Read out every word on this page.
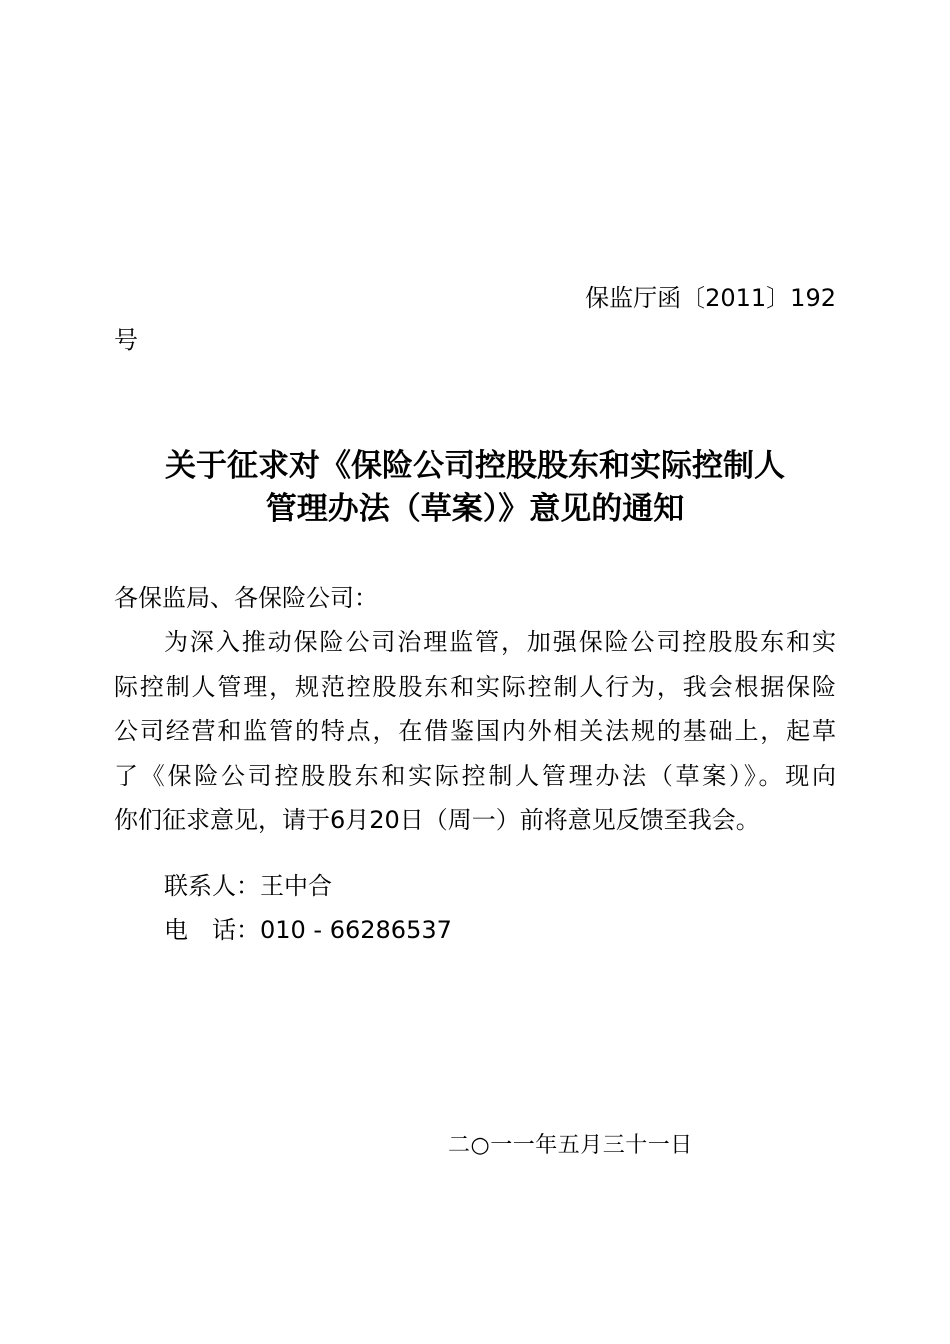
保监厅函〔2011〕192
号
关于征求对《保险公司控股股东和实际控制人
管理办法（草案）》意见的通知
各保监局、各保险公司：
为深入推动保险公司治理监管，加强保险公司控股股东和实
际控制人管理，规范控股股东和实际控制人行为，我会根据保险
公司经营和监管的特点，在借鉴国内外相关法规的基础上，起草
了《保险公司控股股东和实际控制人管理办法（草案）》。现向
你们征求意见，请于6月20日（周一）前将意见反馈至我会。
联系人：王中合
电　话：010 - 66286537
二○一一年五月三十一日
